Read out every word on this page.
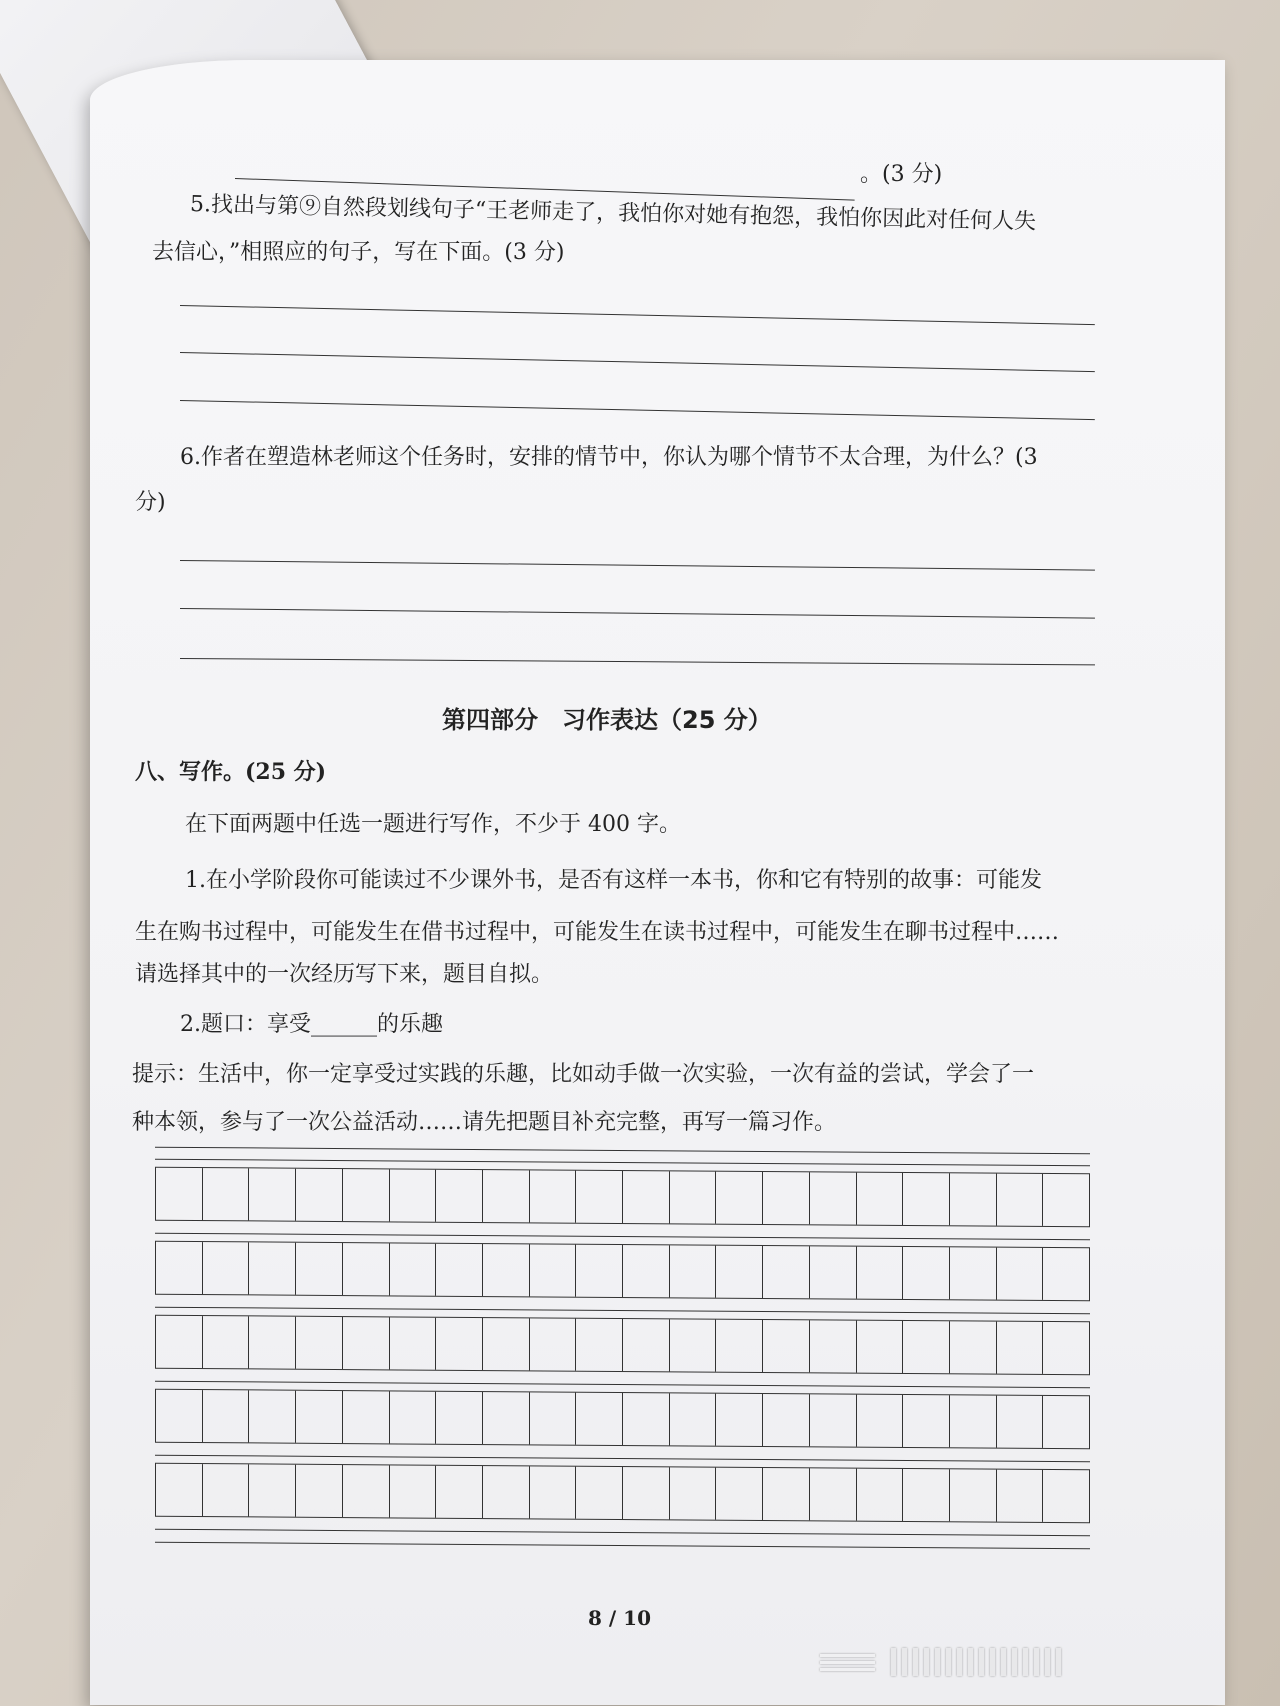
。(3 分)
5.找出与第⑨自然段划线句子“王老师走了，我怕你对她有抱怨，我怕你因此对任何人失
去信心，”相照应的句子，写在下面。(3 分)
6.作者在塑造林老师这个任务时，安排的情节中，你认为哪个情节不太合理，为什么？(3
分)
第四部分　习作表达（25 分）
八、写作。(25 分)
在下面两题中任选一题进行写作，不少于 400 字。
1.在小学阶段你可能读过不少课外书，是否有这样一本书，你和它有特别的故事：可能发
生在购书过程中，可能发生在借书过程中，可能发生在读书过程中，可能发生在聊书过程中……
请选择其中的一次经历写下来，题目自拟。
2.题口：享受______的乐趣
提示：生活中，你一定享受过实践的乐趣，比如动手做一次实验，一次有益的尝试，学会了一
种本领，参与了一次公益活动……请先把题目补充完整，再写一篇习作。
8 / 10
